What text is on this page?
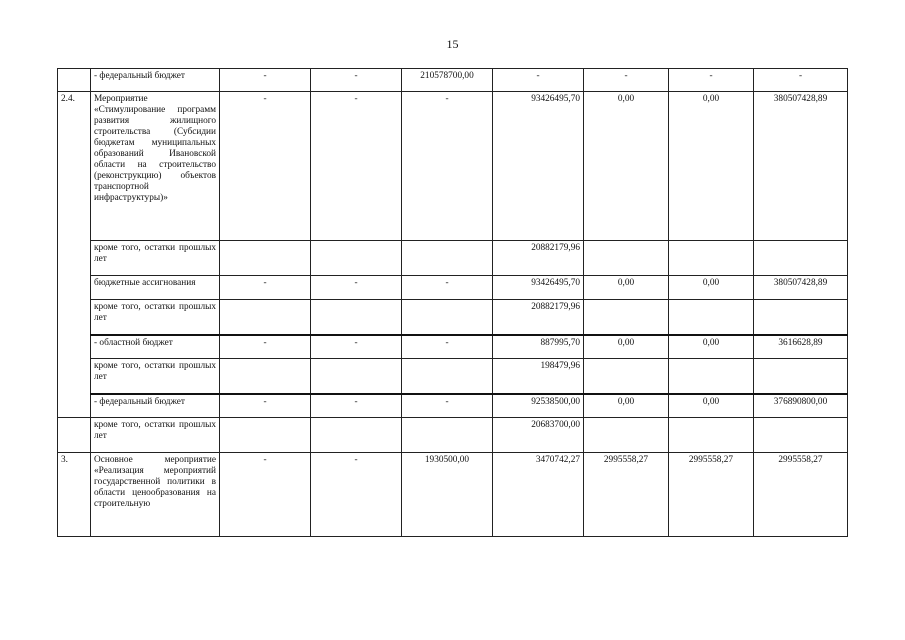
15
	- федеральный бюджет	-	-	210578700,00	-	-	-	-
2.4.	Мероприятие «Стимулирование программ развития жилищного строительства (Субсидии бюджетам муниципальных образований Ивановской области на строительство (реконструкцию) объектов транспортной инфраструктуры)»	-	-	-	93426495,70	0,00	0,00	380507428,89
	кроме того, остатки прошлых лет				20882179,96			
	бюджетные ассигнования	-	-	-	93426495,70	0,00	0,00	380507428,89
	кроме того, остатки прошлых лет				20882179,96			
	- областной бюджет	-	-	-	887995,70	0,00	0,00	3616628,89
	кроме того, остатки прошлых лет				198479,96			
	- федеральный бюджет	-	-	-	92538500,00	0,00	0,00	376890800,00
	кроме того, остатки прошлых лет				20683700,00			
3.	Основное мероприятие «Реализация мероприятий государственной политики в области ценообразования на строительную	-	-	1930500,00	3470742,27	2995558,27	2995558,27	2995558,27
